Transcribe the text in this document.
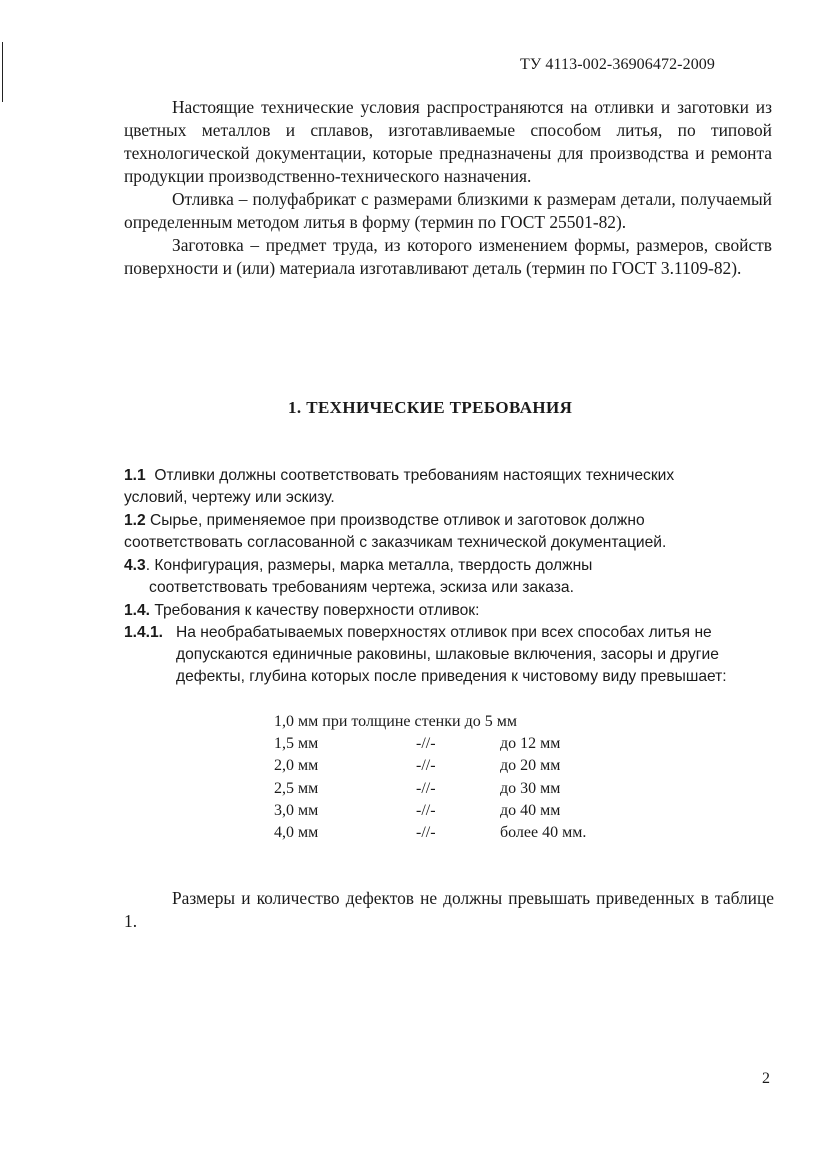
ТУ 4113-002-36906472-2009

Настоящие технические условия распространяются на отливки и заготовки из цветных металлов и сплавов, изготавливаемые способом литья, по типовой технологической документации, которые предназначены для производства и ремонта продукции производственно-технического назначения.

Отливка – полуфабрикат с размерами близкими к размерам детали, получаемый определенным методом литья в форму (термин по ГОСТ 25501-82).

Заготовка – предмет труда, из которого изменением формы, размеров, свойств поверхности и (или) материала изготавливают деталь (термин по ГОСТ 3.1109-82).

1. ТЕХНИЧЕСКИЕ ТРЕБОВАНИЯ
1.1 Отливки должны соответствовать требованиям настоящих технических
условий, чертежу или эскизу.
1.2 Сырье, применяемое при производстве отливок и заготовок должно
соответствовать согласованной с заказчикам технической документацией.
4.3. Конфигурация, размеры, марка металла, твердость должны
соответствовать требованиям чертежа, эскиза или заказа.
1.4. Требования к качеству поверхности отливок:
1.4.1. На необрабатываемых поверхностях отливок при всех способах литья не допускаются единичные раковины, шлаковые включения, засоры и другие дефекты, глубина которых после приведения к чистовому виду превышает:
1,0 мм при толщине стенки до 5 мм
1,5 мм	-//-	до 12 мм
2,0 мм	-//-	до 20 мм
2,5 мм	-//-	до 30 мм
3,0 мм	-//-	до 40 мм
4,0 мм	-//-	более 40 мм.

Размеры и количество дефектов не должны превышать приведенных в таблице 1.

2
